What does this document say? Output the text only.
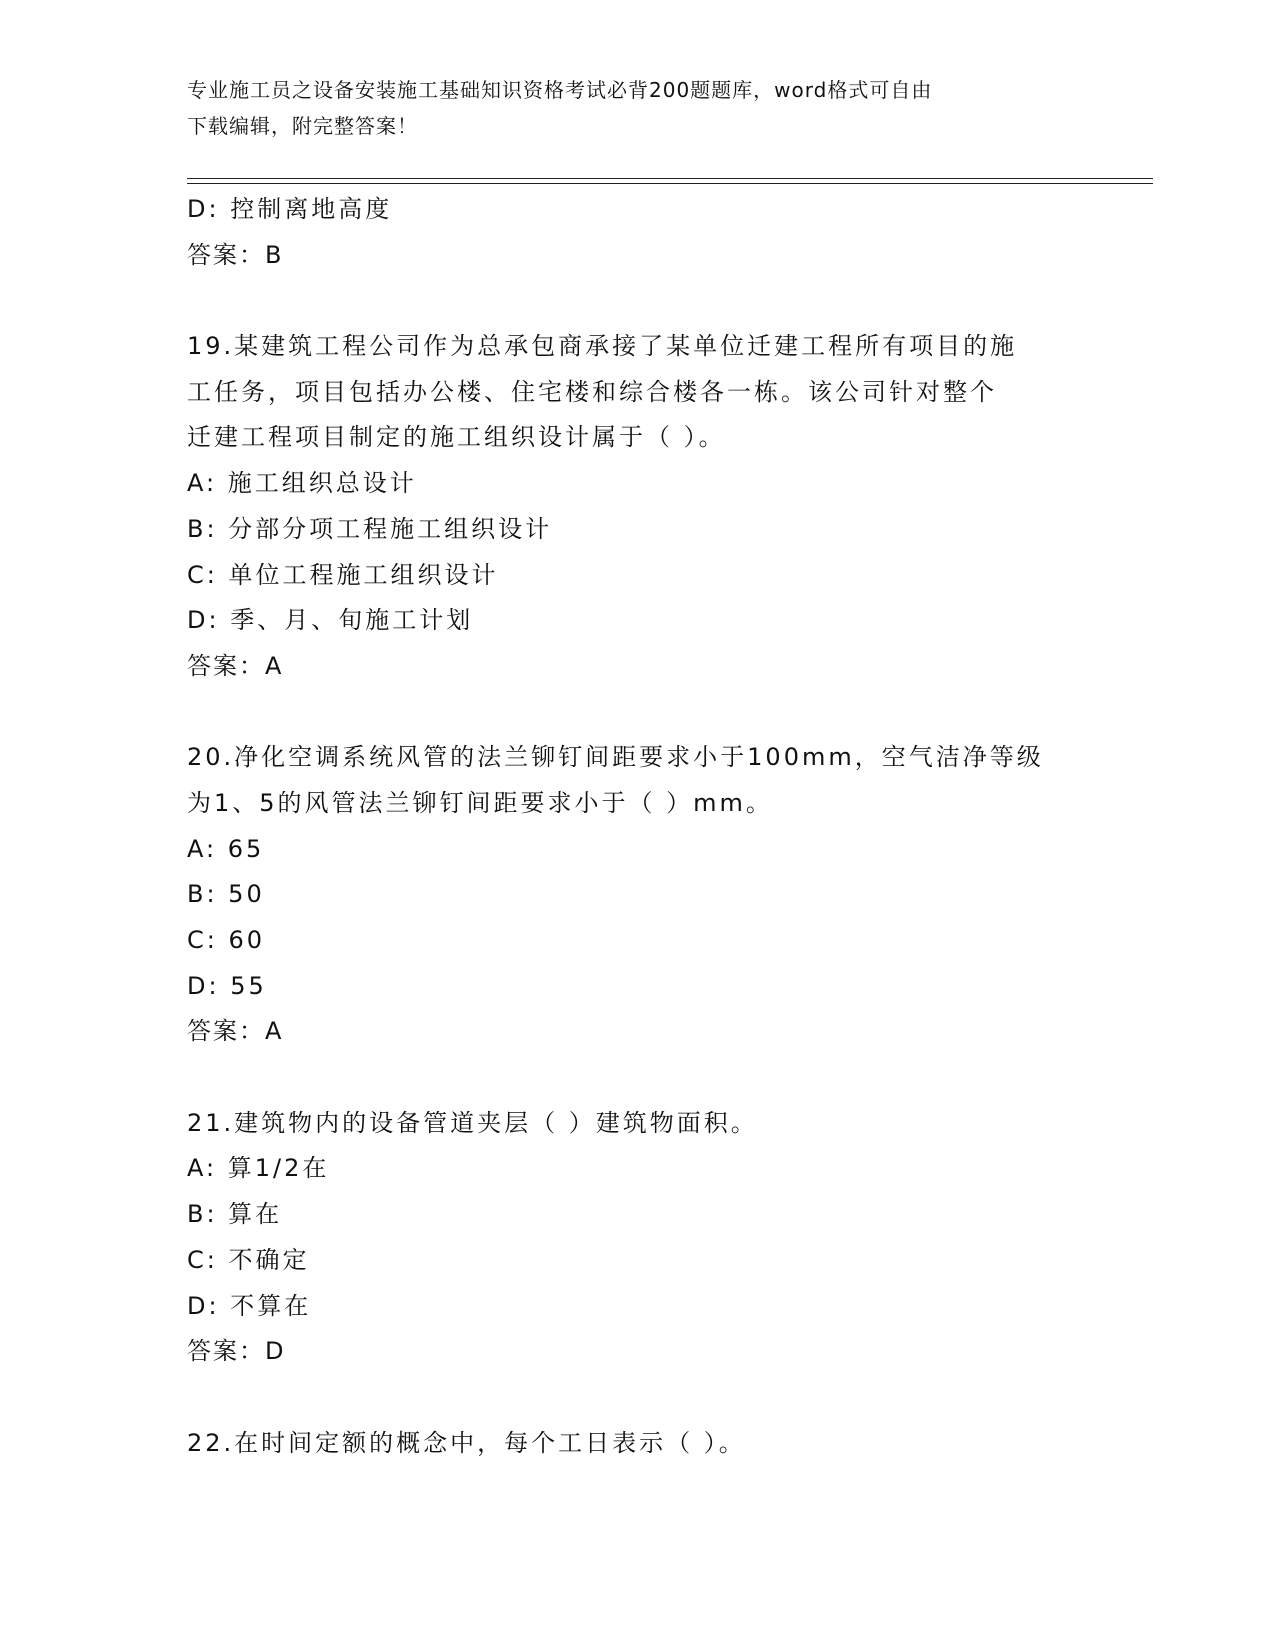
专业施工员之设备安装施工基础知识资格考试必背200题题库，word格式可自由
下载编辑，附完整答案！
D: 控制离地高度
答案：B
19.某建筑工程公司作为总承包商承接了某单位迁建工程所有项目的施
工任务，项目包括办公楼、住宅楼和综合楼各一栋。该公司针对整个
迁建工程项目制定的施工组织设计属于（ ）。
A: 施工组织总设计
B: 分部分项工程施工组织设计
C: 单位工程施工组织设计
D: 季、月、旬施工计划
答案：A
20.净化空调系统风管的法兰铆钉间距要求小于100mm，空气洁净等级
为1、5的风管法兰铆钉间距要求小于（ ）mm。
A: 65
B: 50
C: 60
D: 55
答案：A
21.建筑物内的设备管道夹层（ ）建筑物面积。
A: 算1/2在
B: 算在
C: 不确定
D: 不算在
答案：D
22.在时间定额的概念中，每个工日表示（ ）。
